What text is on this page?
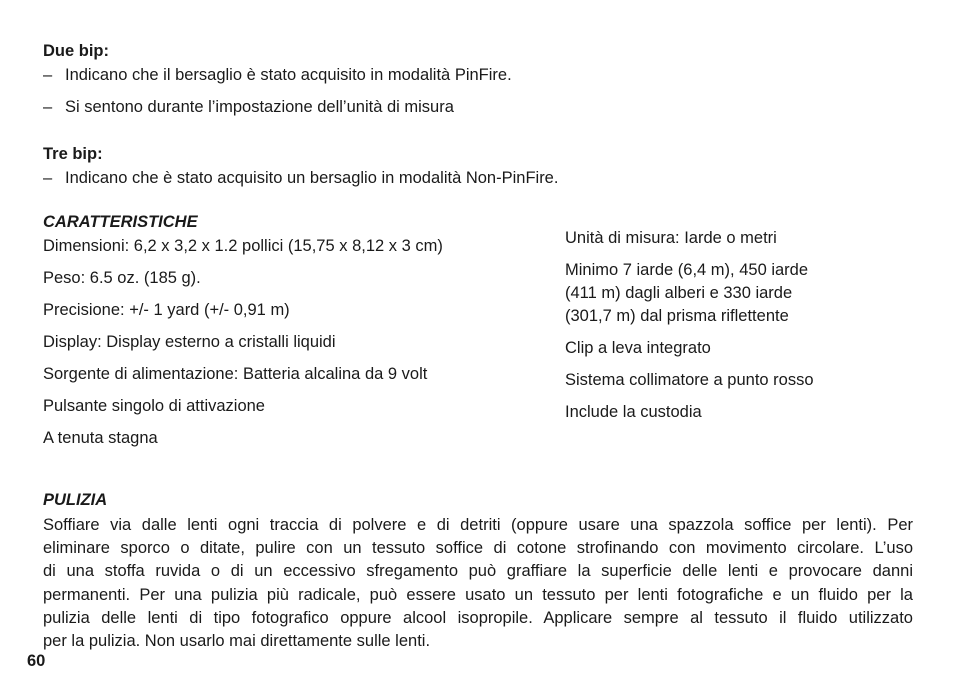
Due bip:
– Indicano che il bersaglio è stato acquisito in modalità PinFire.
– Si sentono durante l’impostazione dell’unità di misura
Tre bip:
– Indicano che è stato acquisito un bersaglio in modalità Non-PinFire.
CARATTERISTICHE
Dimensioni: 6,2 x 3,2 x 1.2 pollici (15,75 x 8,12 x 3 cm)
Peso: 6.5 oz. (185 g).
Precisione: +/- 1 yard (+/- 0,91 m)
Display: Display esterno a cristalli liquidi
Sorgente di alimentazione: Batteria alcalina da 9 volt
Pulsante singolo di attivazione
A tenuta stagna
Unità di misura: Iarde o metri
Minimo 7 iarde (6,4 m), 450 iarde
(411 m) dagli alberi e 330 iarde
(301,7 m) dal prisma riflettente
Clip a leva integrato
Sistema collimatore a punto rosso
Include la custodia
PULIZIA
Soffiare via dalle lenti ogni traccia di polvere e di detriti (oppure usare una spazzola soffice per lenti). Per
eliminare sporco o ditate, pulire con un tessuto soffice di cotone strofinando con movimento circolare. L’uso
di una stoffa ruvida o di un eccessivo sfregamento può graffiare la superficie delle lenti e provocare danni
permanenti. Per una pulizia più radicale, può essere usato un tessuto per lenti fotografiche e un fluido per la
pulizia delle lenti di tipo fotografico oppure alcool isopropile. Applicare sempre al tessuto il fluido utilizzato
per la pulizia. Non usarlo mai direttamente sulle lenti.
60
